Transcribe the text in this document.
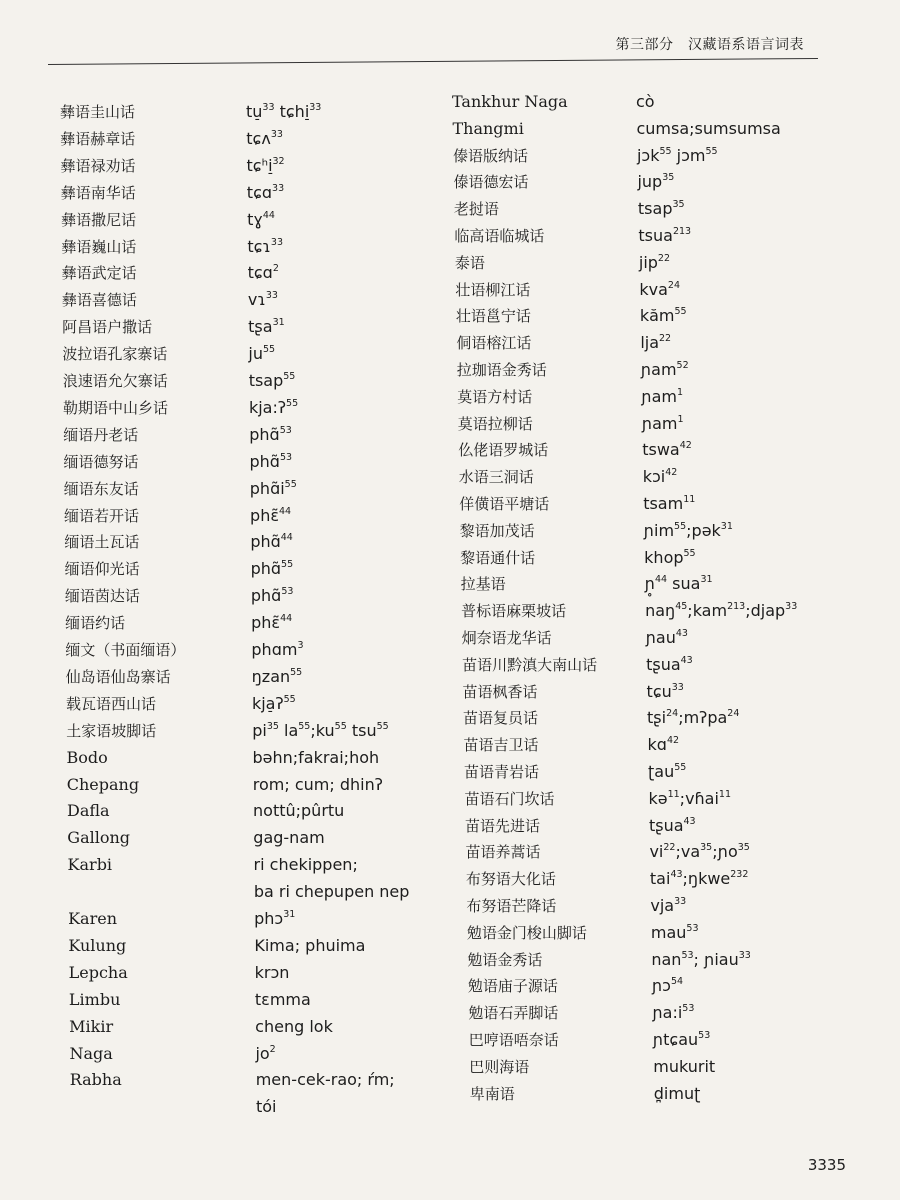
第三部分　汉藏语系语言词表
彝语圭山话	tu̠$^{33}$ tɕhi̠$^{33}$
彝语赫章话	tɕʌ$^{33}$
彝语禄劝话	tɕʰi̠$^{32}$
彝语南华话	tɕɑ$^{33}$
彝语撒尼话	tɣ$^{44}$
彝语巍山话	tɕɿ$^{33}$
彝语武定话	tɕɑ$^2$
彝语喜德话	vɿ$^{33}$
阿昌语户撒话	tʂa$^{31}$
波拉语孔家寨话	$ju^{55}$
浪速语允欠寨话	tsap$^{55}$
勒期语中山乡话	kja:ʔ$^{55}$
缅语丹老话	phɑ̃$^{53}$
缅语德努话	phɑ̃$^{53}$
缅语东友话	$phɑ̃i^{55}$
缅语若开话	phɛ̃$^{44}$
缅语土瓦话	phɑ̃$^{44}$
缅语仰光话	phɑ̃$^{55}$
缅语茵达话	phɑ̃$^{53}$
缅语约话	phɛ̃$^{44}$
缅文（书面缅语）	phɑm$^3$
仙岛语仙岛寨话	ŋzan$^{55}$
载瓦语西山话	kja̠ʔ$^{55}$
土家语坡脚话	$pi^{35}$ $la^{55};ku^{55}$ tsu$^{55}$
Bodo	bəhn;fakrai;hoh
Chepang	rom; cum; dhinʔ
Dafla	nottû;pûrtu
Gallong	gag-nam
Karbi	ri chekippen;
ba ri chepupen nep
Karen	phɔ$^{31}$
Kulung	Kima; phuima
Lepcha	krɔn
Limbu	tɛmma
Mikir	cheng lok
Naga	$jo^2$
Rabha	men-cek-rao; ŕm;
tói
Tankhur Naga	cò
Thangmi	cumsa;sumsumsa
傣语版纳话	jɔk$^{55}$ jɔm$^{55}$
傣语德宏话	jup$^{35}$
老挝语	tsap$^{35}$
临高语临城话	tsua$^{213}$
泰语	jip$^{22}$
壮语柳江话	kva$^{24}$
壮语邕宁话	kăm$^{55}$
侗语榕江话	lja$^{22}$
拉珈语金秀话	ɲam$^{52}$
莫语方村话	ɲam$^1$
莫语拉柳话	ɲam$^1$
仫佬语罗城话	tswa$^{42}$
水语三洞话	kɔi$^{42}$
佯僙语平塘话	tsam$^{11}$
黎语加茂话	ɲim$^{55}$;pək$^{31}$
黎语通什话	khop$^{55}$
拉基语	ɲ̥$^{44}$ sua$^{31}$
普标语麻栗坡话	naŋ$^{45}$;kam$^{213}$;djap$^{33}$
炯奈语龙华话	ɲau$^{43}$
苗语川黔滇大南山话	tʂua$^{43}$
苗语枫香话	tɕu$^{33}$
苗语复员话	tʂi$^{24}$;mʔpa$^{24}$
苗语吉卫话	kɑ$^{42}$
苗语青岩话	ʈau$^{55}$
苗语石门坎话	kə$^{11}$;vɦai$^{11}$
苗语先进话	tʂua$^{43}$
苗语养蒿话	$vi^{22};va^{35};ɲo^{35}$
布努语大化话	tai$^{43}$;ŋkwe$^{232}$
布努语芒降话	vja$^{33}$
勉语金门梭山脚话	mau$^{53}$
勉语金秀话	nan$^{53}$; ɲiau$^{33}$
勉语庙子源话	ɲɔ$^{54}$
勉语石弄脚话	$ɲa:i^{53}$
巴哼语唔奈话	ɲtɕau$^{53}$
巴则海语	mukurit
卑南语	d̪imuʈ
3335
